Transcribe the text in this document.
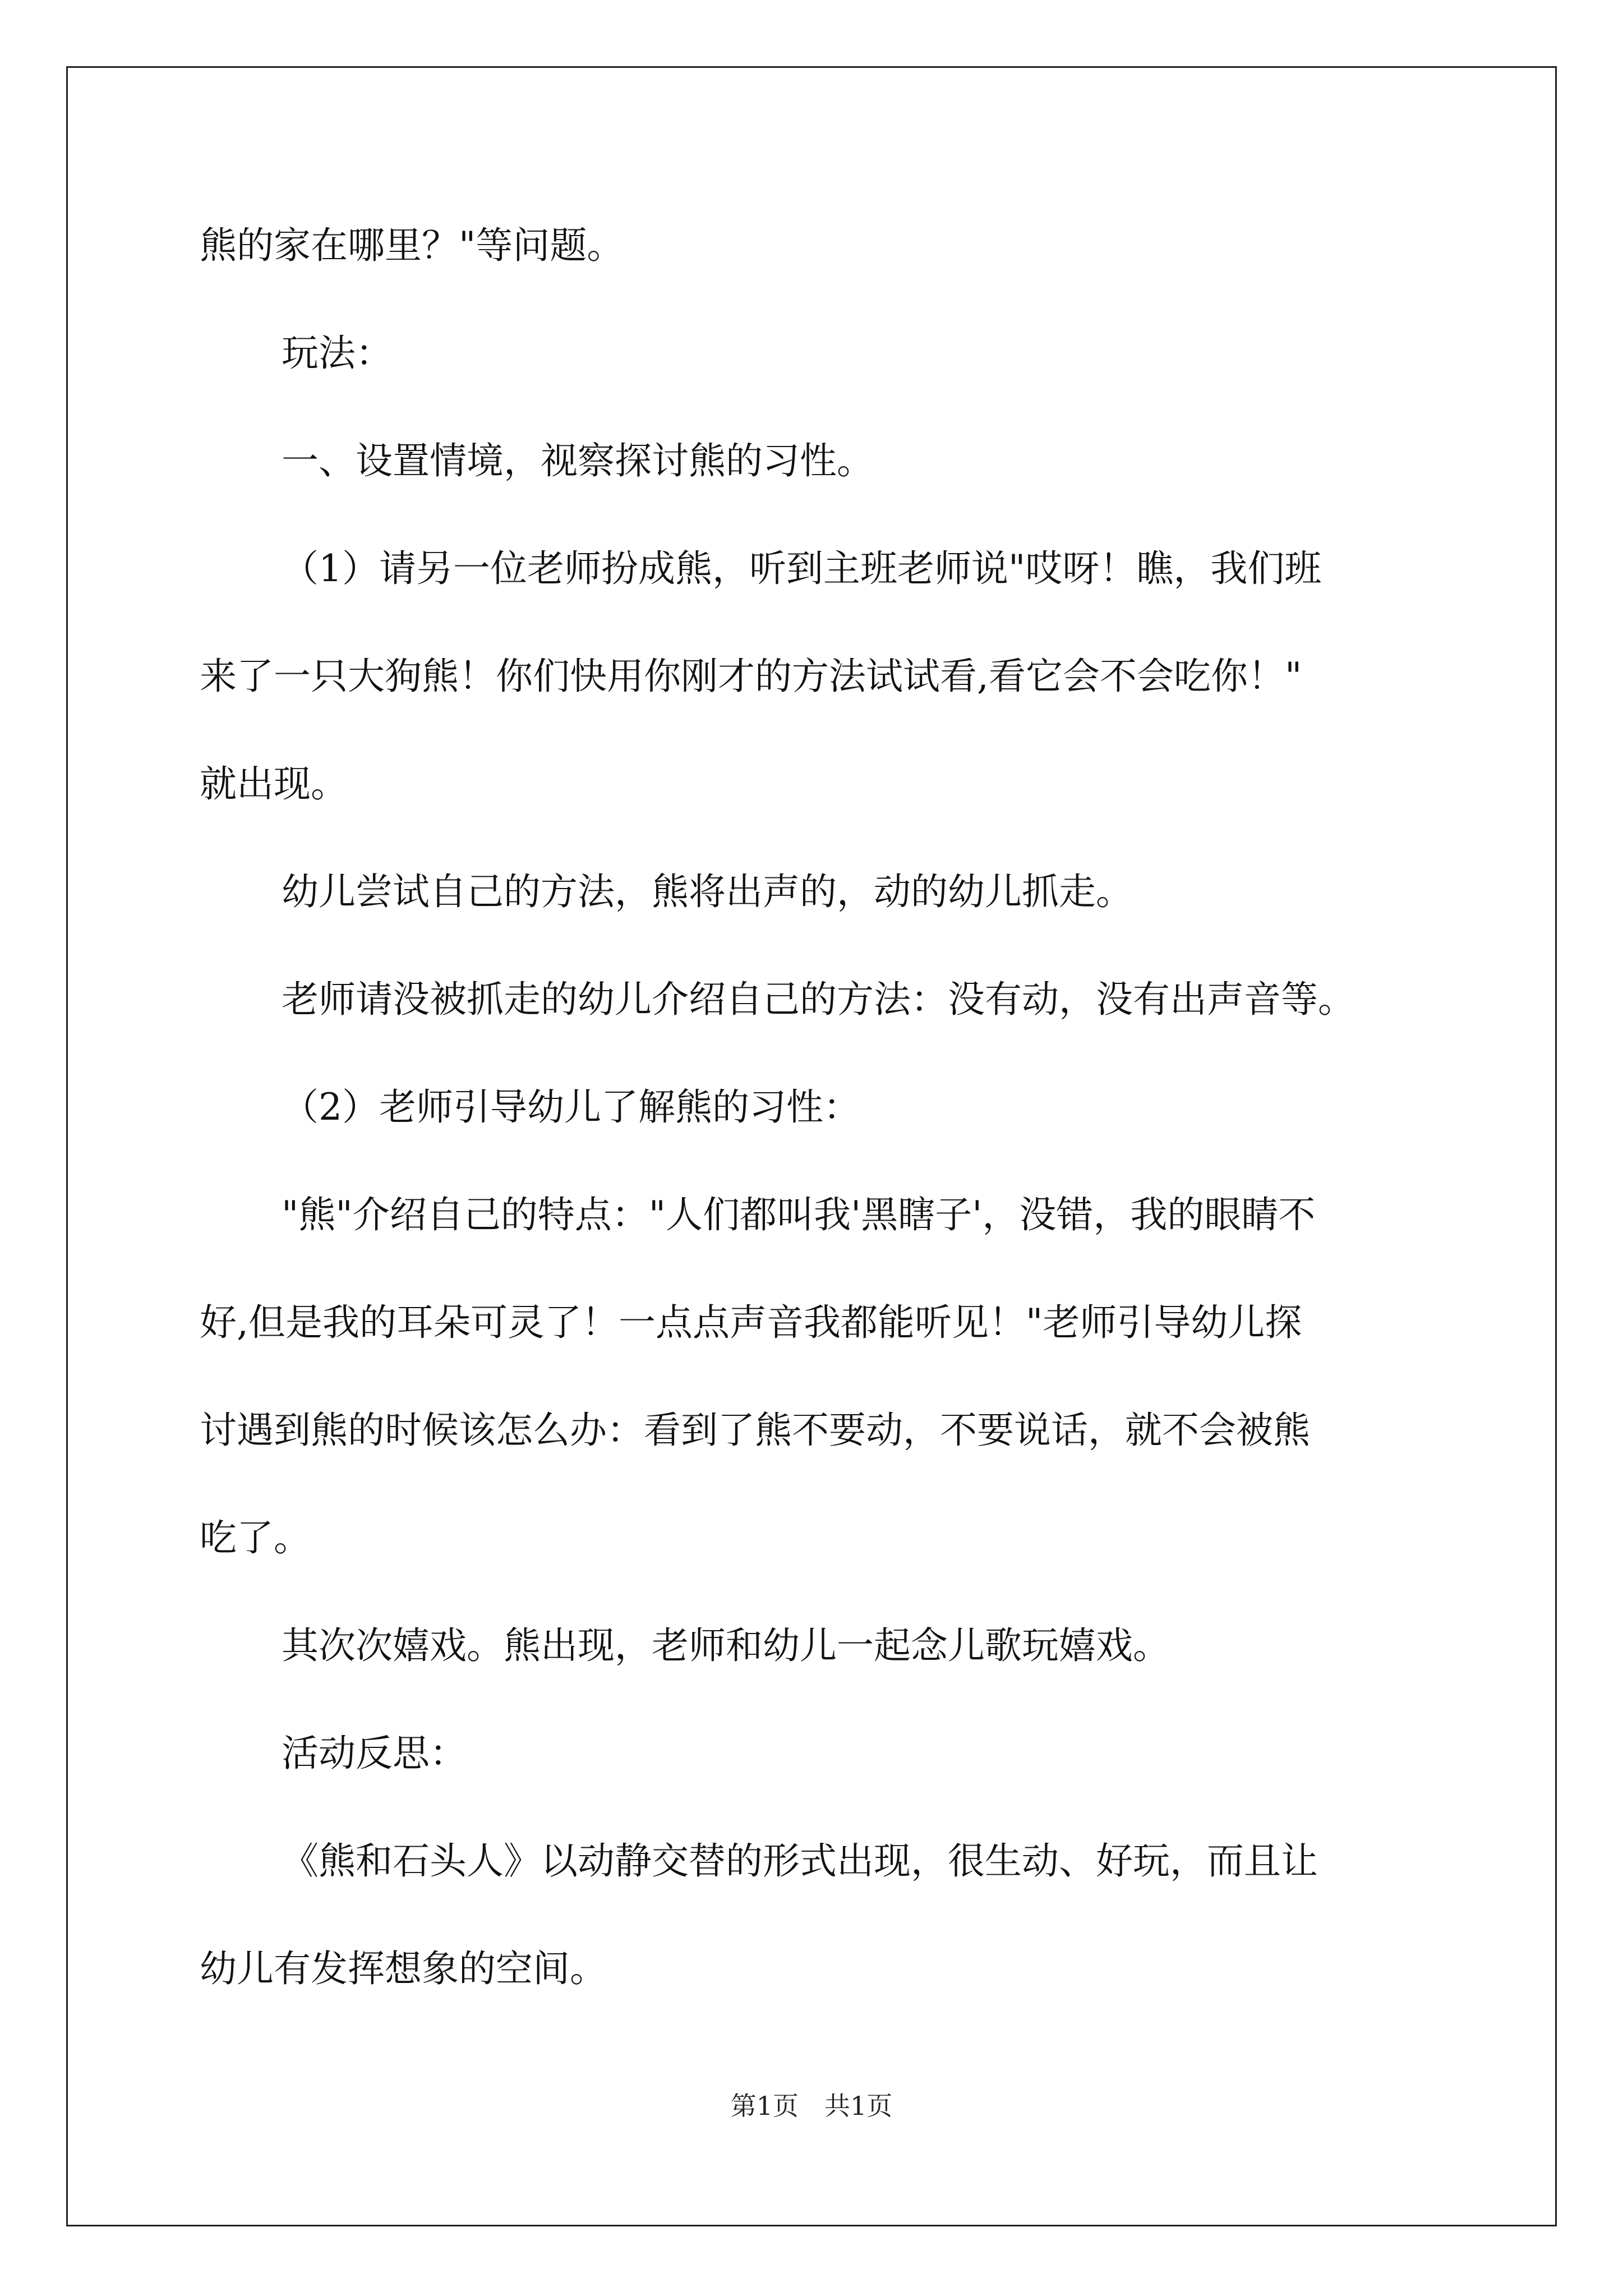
熊的家在哪里？"等问题。
玩法：
一、设置情境，视察探讨熊的习性。
（1）请另一位老师扮成熊，听到主班老师说"哎呀！瞧，我们班
来了一只大狗熊！你们快用你刚才的方法试试看,看它会不会吃你！"
就出现。
幼儿尝试自己的方法，熊将出声的，动的幼儿抓走。
老师请没被抓走的幼儿介绍自己的方法：没有动，没有出声音等。
（2）老师引导幼儿了解熊的习性：
"熊"介绍自己的特点："人们都叫我'黑瞎子'，没错，我的眼睛不
好,但是我的耳朵可灵了！一点点声音我都能听见！"老师引导幼儿探
讨遇到熊的时候该怎么办：看到了熊不要动，不要说话，就不会被熊
吃了。
其次次嬉戏。熊出现，老师和幼儿一起念儿歌玩嬉戏。
活动反思：
《熊和石头人》以动静交替的形式出现，很生动、好玩，而且让
幼儿有发挥想象的空间。
第1页　共1页
